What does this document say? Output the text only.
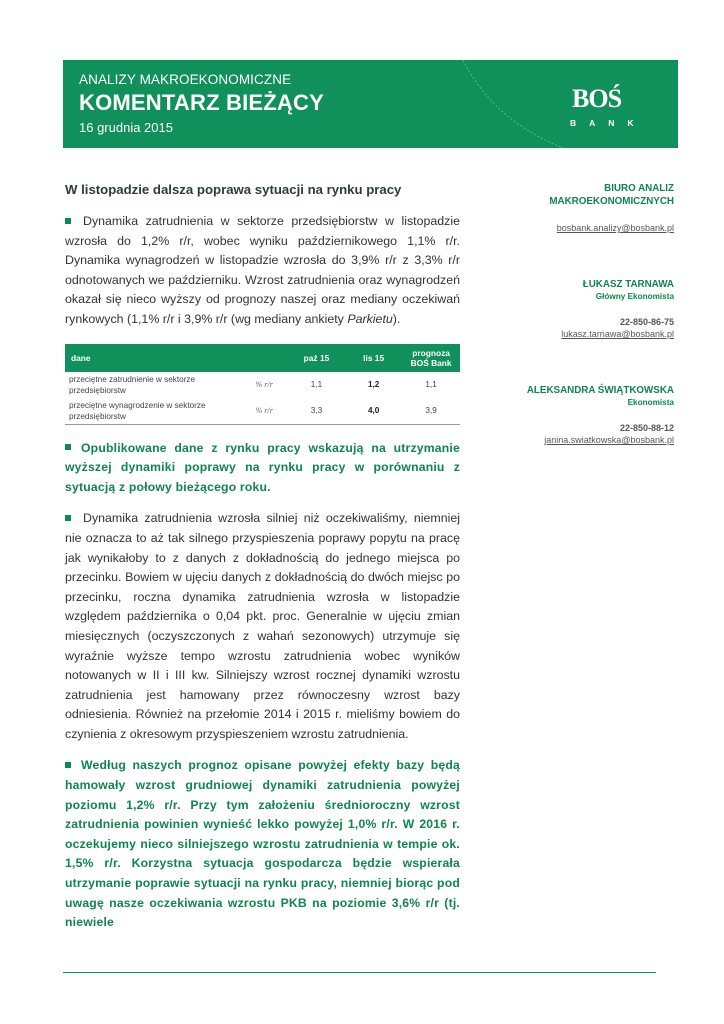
ANALIZY MAKROEKONOMICZNE
KOMENTARZ BIEŻĄCY
16 grudnia 2015
BOŚ
BANK
W listopadzie dalsza poprawa sytuacji na rynku pracy

Dynamika zatrudnienia w sektorze przedsiębiorstw w listopadzie wzrosła do 1,2% r/r, wobec wyniku październikowego 1,1% r/r. Dynamika wynagrodzeń w listopadzie wzrosła do 3,9% r/r z 3,3% r/r odnotowanych we październiku. Wzrost zatrudnienia oraz wynagrodzeń okazał się nieco wyższy od prognozy naszej oraz mediany oczekiwań rynkowych (1,1% r/r i 3,9% r/r (wg mediany ankiety Parkietu).

dane		paź 15	lis 15	prognoza BOŚ Bank
przeciętne zatrudnienie w sektorze przedsiębiorstw	% r/r	1,1	1,2	1,1
przeciętne wynagrodzenie w sektorze przedsiębiorstw	% r/r	3,3	4,0	3,9

Opublikowane dane z rynku pracy wskazują na utrzymanie wyższej dynamiki poprawy na rynku pracy w porównaniu z sytuacją z połowy bieżącego roku.

Dynamika zatrudnienia wzrosła silniej niż oczekiwaliśmy, niemniej nie oznacza to aż tak silnego przyspieszenia poprawy popytu na pracę jak wynikałoby to z danych z dokładnością do jednego miejsca po przecinku. Bowiem w ujęciu danych z dokładnością do dwóch miejsc po przecinku, roczna dynamika zatrudnienia wzrosła w listopadzie względem października o 0,04 pkt. proc. Generalnie w ujęciu zmian miesięcznych (oczyszczonych z wahań sezonowych) utrzymuje się wyraźnie wyższe tempo wzrostu zatrudnienia wobec wyników notowanych w II i III kw. Silniejszy wzrost rocznej dynamiki wzrostu zatrudnienia jest hamowany przez równoczesny wzrost bazy odniesienia. Również na przełomie 2014 i 2015 r. mieliśmy bowiem do czynienia z okresowym przyspieszeniem wzrostu zatrudnienia.

Według naszych prognoz opisane powyżej efekty bazy będą hamowały wzrost grudniowej dynamiki zatrudnienia powyżej poziomu 1,2% r/r. Przy tym założeniu średnioroczny wzrost zatrudnienia powinien wynieść lekko powyżej 1,0% r/r. W 2016 r. oczekujemy nieco silniejszego wzrostu zatrudnienia w tempie ok. 1,5% r/r. Korzystna sytuacja gospodarcza będzie wspierała utrzymanie poprawie sytuacji na rynku pracy, niemniej biorąc pod uwagę nasze oczekiwania wzrostu PKB na poziomie 3,6% r/r (tj. niewiele

BIURO ANALIZ
MAKROEKONOMICZNYCH
bosbank.analizy@bosbank.pl
ŁUKASZ TARNAWA
Główny Ekonomista
22-850-86-75
lukasz.tarnawa@bosbank.pl
ALEKSANDRA ŚWIĄTKOWSKA
Ekonomista
22-850-88-12
janina.swiatkowska@bosbank.pl
